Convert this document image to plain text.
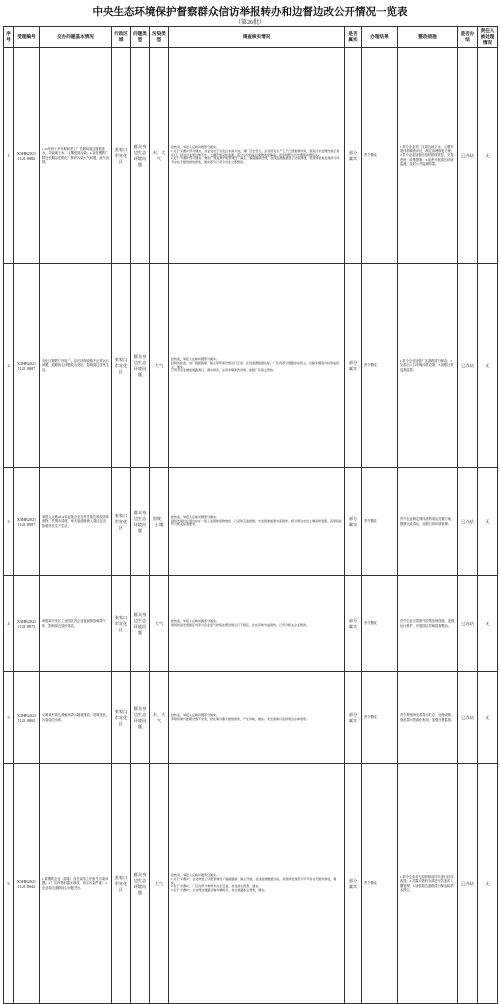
中央生态环境保护督察群众信访举报转办和边督边改公开情况一览表
（第26批）
序号	受理编号	交办问题基本情况	行政区域	问题类型	污染类型	调查核实情况	是否属实	办理结果	整改措施	是否办结	责任人被处理情况
1	X3HB20211121 0082	1.20年到十多年期间老工厂长期向周边排放废水，导致地下水、土壤受到污染；2.宣化钢铁厂附近长期存在焦化厂焦炉污染大气问题，废气直排。	张家口市宣化区	群众身边生态环境问题	水、大气	经核查，举报人反映问题部分属实。
1.关于“问题1”部分属实，该企业位于宣化区东南方向，建厂历史悠久。企业原有生产工艺已经更新改造，现有污水处理设施正常运行。经对企业周边地下水、土壤开展采样监测，部分点位特征污染物浓度偏高，初步判断与历史遗留问题有关。
2.关于“问题2”部分属实。焦化厂现有焦炉配套建设了除尘、脱硫脱硝设施，在线监测数据显示达标排放，但现场检查发现部分环节存在无组织排放现象，属实部分已责令企业立即整改。	部分属实	责令整改	1.责令企业对厂区周边地下水、土壤开展详细调查评估，制定治理修复方案；2.责令企业加强无组织排放管控，完善密闭、收集措施；3.加密开展周边环境监测，及时公开监测结果。	已办结	无
2	X3HB20211121 0087	宣化区钢铁厂内电厂，存在环保设施不正常运行问题，道路扬尘问题较为突出，影响周边居民生活。	张家口市宣化区	群众身边生态环境问题	大气	经核查，举报人反映问题部分属实。
经现场检查，电厂脱硫脱硝、除尘等环保设施运行正常，在线监测数据达标。厂区内部分道路存在积尘，运输车辆进出时造成扬尘，属实。
已责令企业增加道路清扫、洒水频次，完善车辆冲洗设施，加强厂区扬尘管控。	部分属实	责令整改	1.责令企业加强厂区道路清扫保洁；2.完善出入口车辆冲洗设施；3.加强日常巡查监管。	已办结	无
3	X3HB20211121 0097	举报人反映2014年起某企业在村庄周边堆放固体废物，长期未清理，雨天渗滤液流入周边农田，影响村民生产生活。	张家口市宣化区	群众身边生态环境问题	固废、土壤	经核查，举报人反映问题部分属实。
现场发现村庄周边存在一般工业固体废物堆存，已采取苫盖措施，未发现渗滤液外流现象。经对周边农田土壤采样监测，各项指标符合相关标准要求。	部分属实	责令整改	责令企业制定固体废物清运处置方案，限期完成清运，加强日常环境管理。	已办结	无
4	X3HB20211121 0073	举报某开发区工业园区内企业夜间排放刺鼻气体，影响周边居民休息。	张家口市宣化区	群众身边生态环境问题	大气	经核查，举报人反映问题部分属实。
现场检查发现园区内部分企业废气收集处理设施运行不稳定，存在异味外溢现象，已责令相关企业整改。	部分属实	责令整改	责令企业完善废气收集处理设施，加强运行维护，开展园区异味排查整治。	已办结	无
5	X3HB20211121 0065	反映某村周边养殖场粪污随意排放，臭味扰民，污染周边水体。	张家口市宣化区	群众身边生态环境问题	水、大气	经核查，举报人反映问题部分属实。
养殖场粪污处理设施不完善，存在粪污露天堆放现象，产生异味，属实。未发现粪污直排周边水体现象。	部分属实	责令整改	责令养殖场完善粪污贮存、处理设施，规范粪污资源化利用，加强日常监管。	已办结	无
6	X3HB20211121 0042	1.某钢铁企业（原址）存在烧结工序废气污染问题；2.厂区内物料露天堆放，扬尘污染严重；3.企业周边道路扬尘问题突出。	张家口市宣化区	群众身边生态环境问题	大气	经核查，举报人反映问题部分属实。
1.关于“问题1”，企业烧结工序配套建设了脱硫脱硝、除尘设施，在线监测数据达标，但现场发现部分环节存在无组织排放，属实。
2.关于“问题2”，厂区内部分物料未完全苫盖，存在扬尘隐患，属实。
3.关于“问题3”，企业周边道路运输车辆较多，存在道路积尘现象，属实。	部分属实	责令整改	1.责令企业对无组织排放环节进行封闭改造；2.对露天物料全部进行苫盖或入棚管理；3.加强周边道路清扫保洁和洒水抑尘。	已办结	无
